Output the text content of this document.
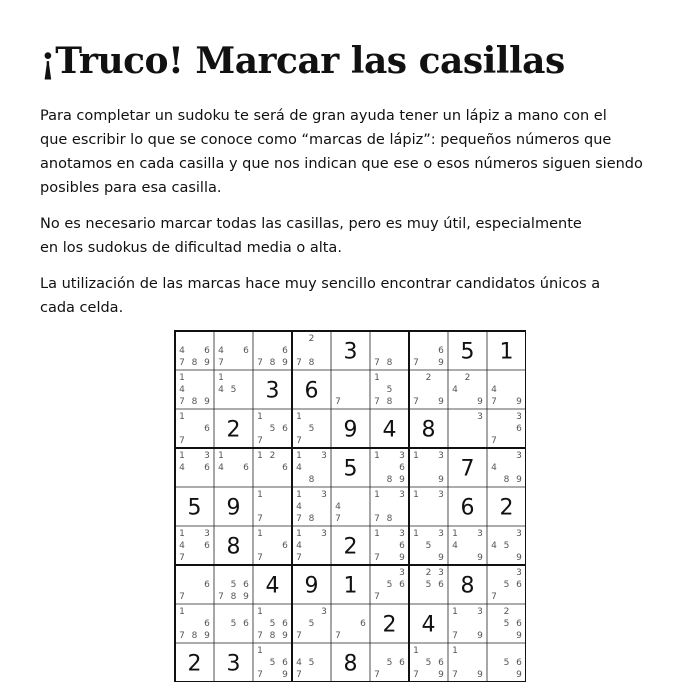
¡Truco! Marcar las casillas

Para completar un sudoku te será de gran ayuda tener un lápiz a mano con el
que escribir lo que se conoce como “marcas de lápiz”: pequeños números que
anotamos en cada casilla y que nos indican que ese o esos números siguen siendo
posibles para esa casilla.

No es necesario marcar todas las casillas, pero es muy útil, especialmente
en los sudokus de dificultad media o alta.

La utilización de las marcas hace muy sencillo encontrar candidatos únicos a
cada celda.

4 6
7 8 9
4 6
7
6
7 8 9
2
7 8 3 7 8
6
7 9 5 1
1
4
7 8 9
1
4 5 3 6 7
1
5
7 8
2
7 9
2
4
9
4
7 9
1
6
7 2
1
5 6
7
1
5
7 9 4 8
3	3
6
7
1 3
4 6
1
4 6
1 2
6
1 3
4
8 5
1 3
6
8 9
1 3
9 7
3
4
8 9
5 9
1
7
1 3
4
7 8
4
7
1 3
7 8
1 3
6 2
1 3
4 6
7 8
1
6
7
1 3
4
7 2
1 3
6
7 9
1 3
5
9
1 3
4
9
3
4 5
9
6
7
5 6
7 8 9 4 9 1
3
5 6
7
2 3
5 6 8
3
5 6
7
1
6
7 8 9
5 6
1
5 6
7 8 9
3
5
7
6
7 2 4
1 3
9
7
2
5 6
9
2 3
1
5 6
7 9
4 5
7 8	5 6
7
1
5 6
7 9
1
7 9
5 6
9
